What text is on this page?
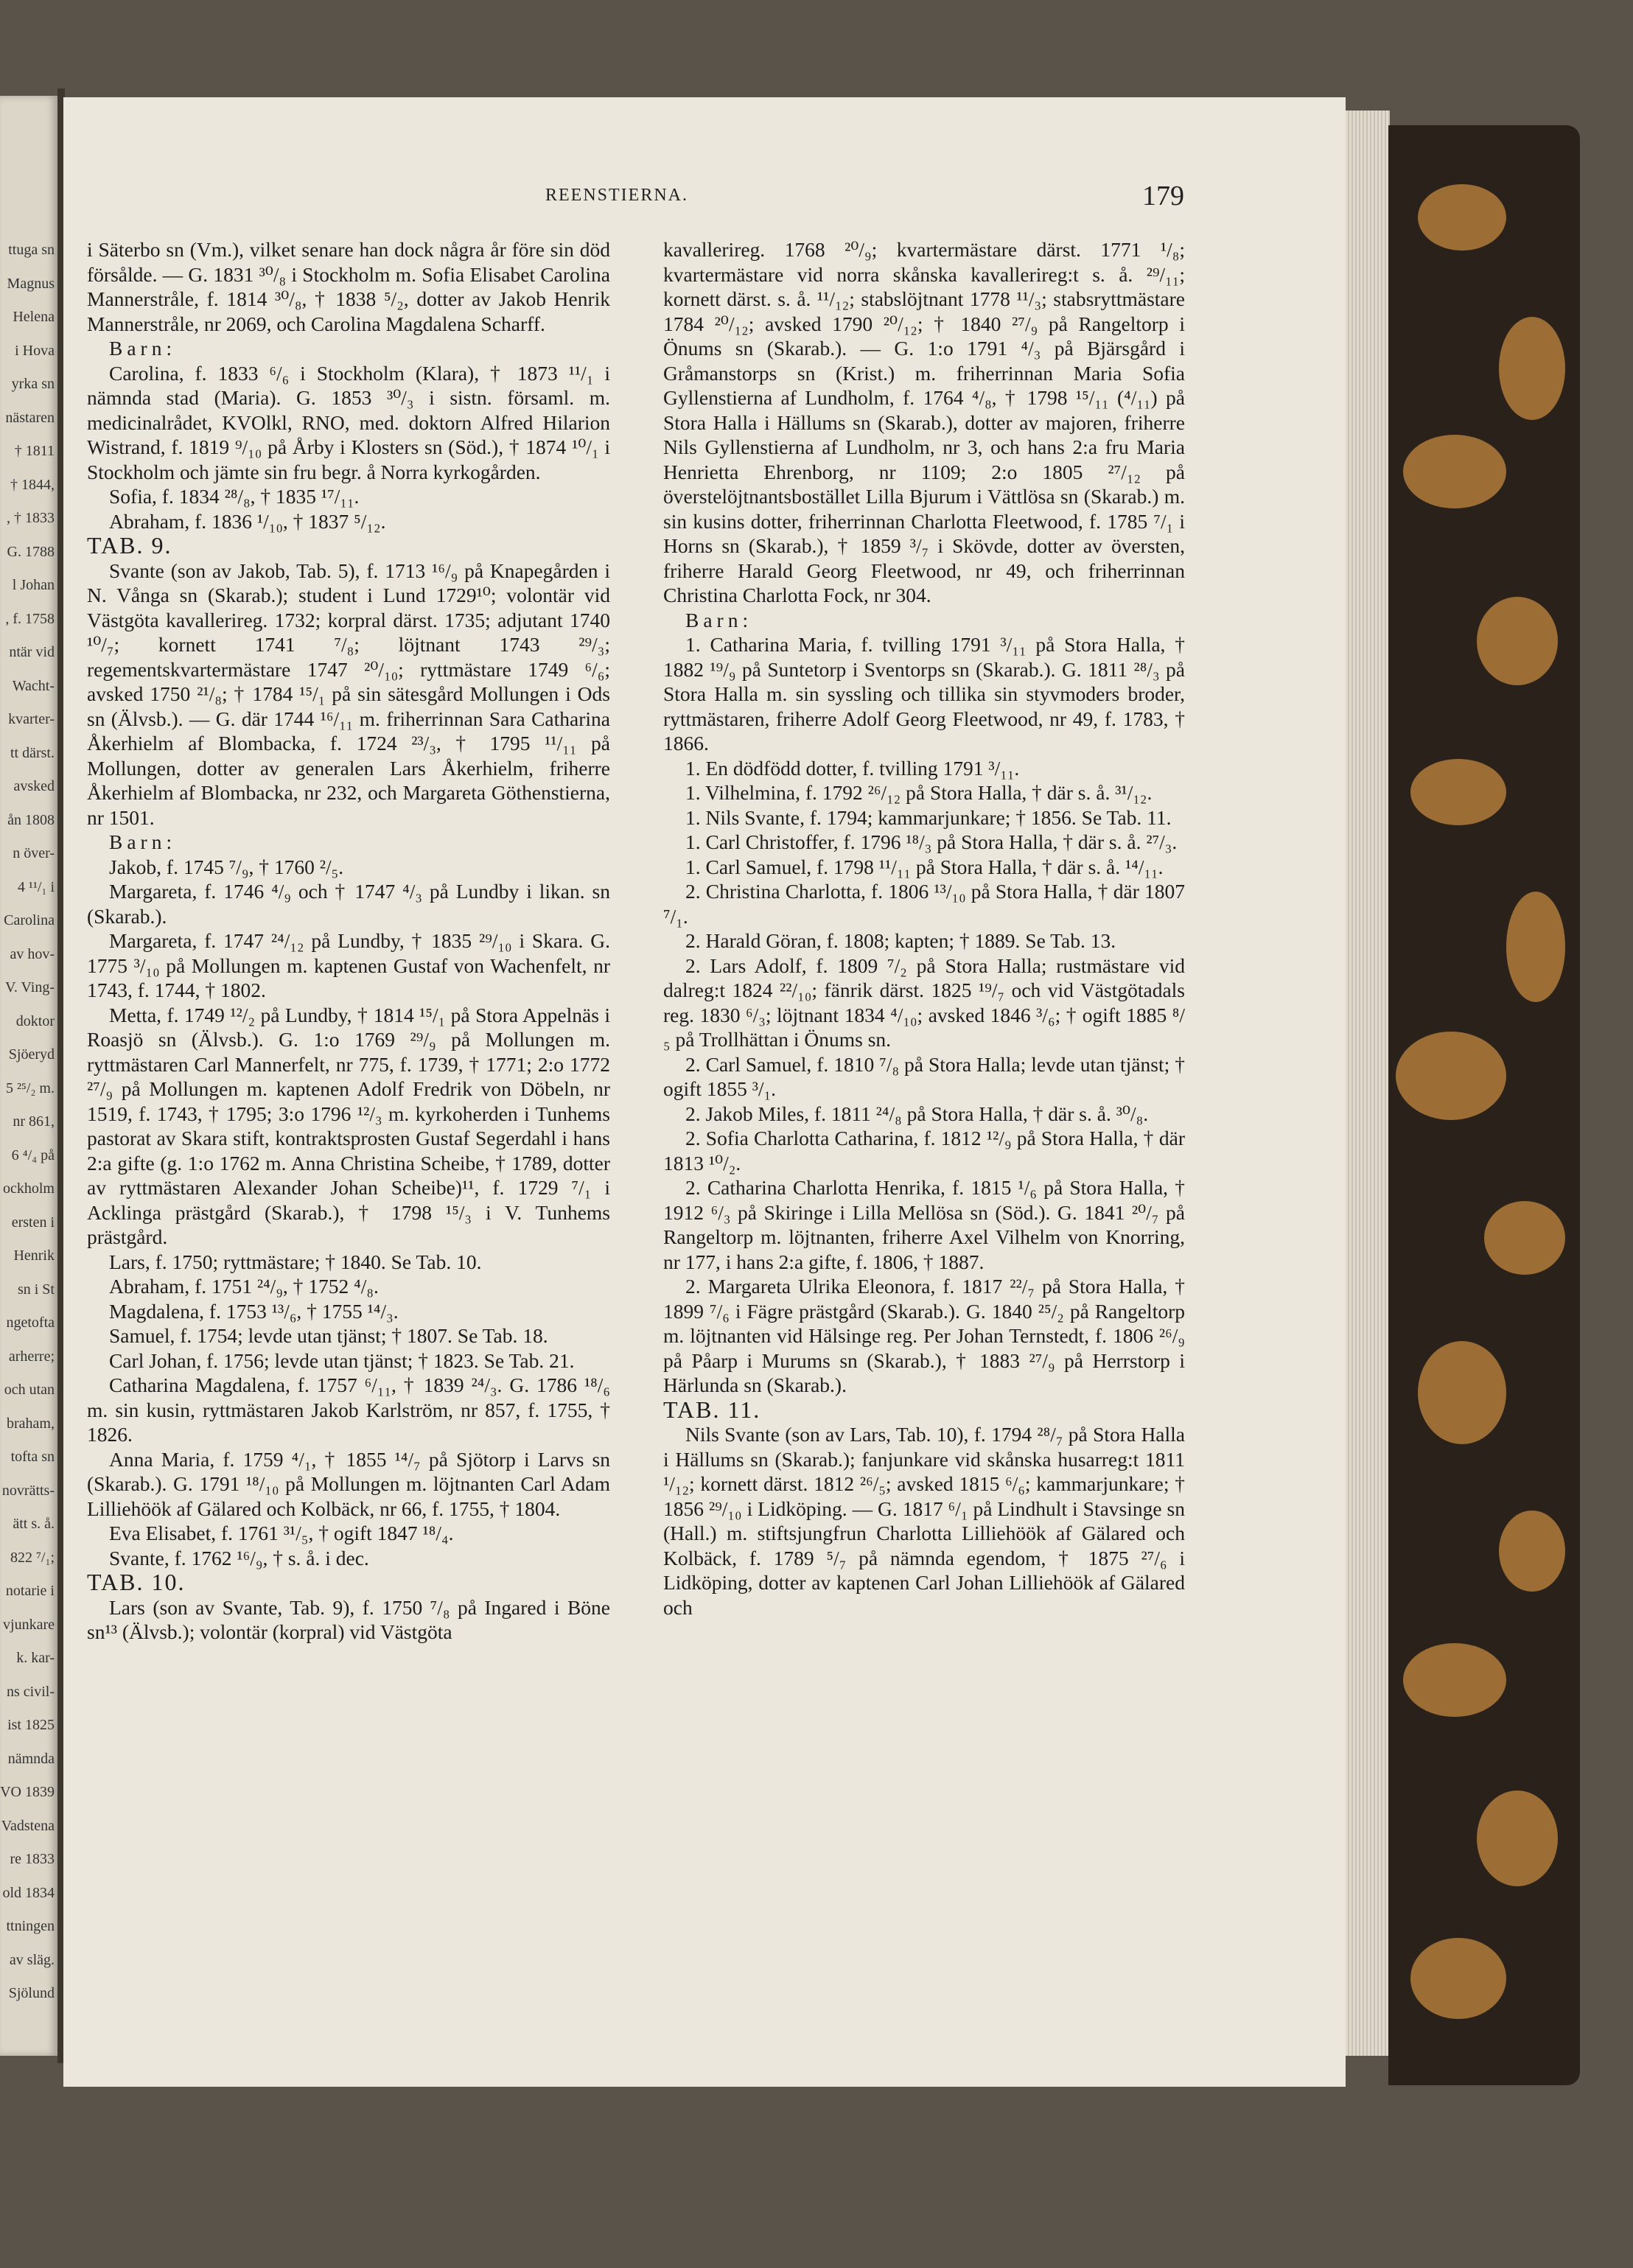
ttuga sn
Magnus
Helena
i Hova
yrka sn
nästaren
† 1811
† 1844,
, † 1833
G. 1788
l Johan
, f. 1758
ntär vid
Wacht-
kvarter-
tt därst.
avsked
ån 1808
n över-
4 ¹¹/₁ i
Carolina
av hov-
V. Ving-
doktor
Sjöeryd
5 ²⁵/₂ m.
nr 861,
6 ⁴/₄ på
ockholm
ersten i
Henrik
sn i St
ngetofta
arherre;
och utan
braham,
tofta sn
novrätts-
ätt s. å.
822 ⁷/₁;
notarie i
vjunkare
k. kar-
ns civil-
ist 1825
nämnda
VO 1839
Vadstena
re 1833
old 1834
ttningen
av släg.
Sjölund
REENSTIERNA.	179

i Säterbo sn (Vm.), vilket senare han dock några år före sin död försålde. — G. 1831 ³⁰/₈ i Stockholm m. Sofia Elisabet Carolina Mannerstråle, f. 1814 ³⁰/₈, † 1838 ⁵/₂, dotter av Jakob Henrik Mannerstråle, nr 2069, och Carolina Magdalena Scharff.

Barn:

Carolina, f. 1833 ⁶/₆ i Stockholm (Klara), † 1873 ¹¹/₁ i nämnda stad (Maria). G. 1853 ³⁰/₃ i sistn. församl. m. medicinalrådet, KVOlkl, RNO, med. doktorn Alfred Hilarion Wistrand, f. 1819 ⁹/₁₀ på Årby i Klosters sn (Söd.), † 1874 ¹⁰/₁ i Stockholm och jämte sin fru begr. å Norra kyrkogården.

Sofia, f. 1834 ²⁸/₈, † 1835 ¹⁷/₁₁.

Abraham, f. 1836 ¹/₁₀, † 1837 ⁵/₁₂.

TAB. 9.

Svante (son av Jakob, Tab. 5), f. 1713 ¹⁶/₉ på Knapegården i N. Vånga sn (Skarab.); student i Lund 1729¹⁰; volontär vid Västgöta kavallerireg. 1732; korpral därst. 1735; adjutant 1740 ¹⁰/₇; kornett 1741 ⁷/₈; löjtnant 1743 ²⁹/₃; regementskvartermästare 1747 ²⁰/₁₀; ryttmästare 1749 ⁶/₆; avsked 1750 ²¹/₈; † 1784 ¹⁵/₁ på sin sätesgård Mollungen i Ods sn (Älvsb.). — G. där 1744 ¹⁶/₁₁ m. friherrinnan Sara Catharina Åkerhielm af Blombacka, f. 1724 ²³/₃, † 1795 ¹¹/₁₁ på Mollungen, dotter av generalen Lars Åkerhielm, friherre Åkerhielm af Blombacka, nr 232, och Margareta Göthenstierna, nr 1501.

Barn:

Jakob, f. 1745 ⁷/₉, † 1760 ²/₅.

Margareta, f. 1746 ⁴/₉ och † 1747 ⁴/₃ på Lundby i likan. sn (Skarab.).

Margareta, f. 1747 ²⁴/₁₂ på Lundby, † 1835 ²⁹/₁₀ i Skara. G. 1775 ³/₁₀ på Mollungen m. kaptenen Gustaf von Wachenfelt, nr 1743, f. 1744, † 1802.

Metta, f. 1749 ¹²/₂ på Lundby, † 1814 ¹⁵/₁ på Stora Appelnäs i Roasjö sn (Älvsb.). G. 1:o 1769 ²⁹/₉ på Mollungen m. ryttmästaren Carl Mannerfelt, nr 775, f. 1739, † 1771; 2:o 1772 ²⁷/₉ på Mollungen m. kaptenen Adolf Fredrik von Döbeln, nr 1519, f. 1743, † 1795; 3:o 1796 ¹²/₃ m. kyrkoherden i Tunhems pastorat av Skara stift, kontraktsprosten Gustaf Segerdahl i hans 2:a gifte (g. 1:o 1762 m. Anna Christina Scheibe, † 1789, dotter av ryttmästaren Alexander Johan Scheibe)¹¹, f. 1729 ⁷/₁ i Acklinga prästgård (Skarab.), † 1798 ¹⁵/₃ i V. Tunhems prästgård.

Lars, f. 1750; ryttmästare; † 1840. Se Tab. 10.

Abraham, f. 1751 ²⁴/₉, † 1752 ⁴/₈.

Magdalena, f. 1753 ¹³/₆, † 1755 ¹⁴/₃.

Samuel, f. 1754; levde utan tjänst; † 1807. Se Tab. 18.

Carl Johan, f. 1756; levde utan tjänst; † 1823. Se Tab. 21.

Catharina Magdalena, f. 1757 ⁶/₁₁, † 1839 ²⁴/₃. G. 1786 ¹⁸/₆ m. sin kusin, ryttmästaren Jakob Karlström, nr 857, f. 1755, † 1826.

Anna Maria, f. 1759 ⁴/₁, † 1855 ¹⁴/₇ på Sjötorp i Larvs sn (Skarab.). G. 1791 ¹⁸/₁₀ på Mollungen m. löjtnanten Carl Adam Lilliehöök af Gälared och Kolbäck, nr 66, f. 1755, † 1804.

Eva Elisabet, f. 1761 ³¹/₅, † ogift 1847 ¹⁸/₄.

Svante, f. 1762 ¹⁶/₉, † s. å. i dec.

TAB. 10.

Lars (son av Svante, Tab. 9), f. 1750 ⁷/₈ på Ingared i Böne sn¹³ (Älvsb.); volontär (korpral) vid Västgöta

kavallerireg. 1768 ²⁰/₉; kvartermästare därst. 1771 ¹/₈; kvartermästare vid norra skånska kavallerireg:t s. å. ²⁹/₁₁; kornett därst. s. å. ¹¹/₁₂; stabslöjtnant 1778 ¹¹/₃; stabsryttmästare 1784 ²⁰/₁₂; avsked 1790 ²⁰/₁₂; † 1840 ²⁷/₉ på Rangeltorp i Önums sn (Skarab.). — G. 1:o 1791 ⁴/₃ på Bjärsgård i Gråmanstorps sn (Krist.) m. friherrinnan Maria Sofia Gyllenstierna af Lundholm, f. 1764 ⁴/₈, † 1798 ¹⁵/₁₁ (⁴/₁₁) på Stora Halla i Hällums sn (Skarab.), dotter av majoren, friherre Nils Gyllenstierna af Lundholm, nr 3, och hans 2:a fru Maria Henrietta Ehrenborg, nr 1109; 2:o 1805 ²⁷/₁₂ på överstelöjtnantsbostället Lilla Bjurum i Vättlösa sn (Skarab.) m. sin kusins dotter, friherrinnan Charlotta Fleetwood, f. 1785 ⁷/₁ i Horns sn (Skarab.), † 1859 ³/₇ i Skövde, dotter av översten, friherre Harald Georg Fleetwood, nr 49, och friherrinnan Christina Charlotta Fock, nr 304.

Barn:

1. Catharina Maria, f. tvilling 1791 ³/₁₁ på Stora Halla, † 1882 ¹⁹/₉ på Suntetorp i Sventorps sn (Skarab.). G. 1811 ²⁸/₃ på Stora Halla m. sin syssling och tillika sin styvmoders broder, ryttmästaren, friherre Adolf Georg Fleetwood, nr 49, f. 1783, † 1866.

1. En dödfödd dotter, f. tvilling 1791 ³/₁₁.

1. Vilhelmina, f. 1792 ²⁶/₁₂ på Stora Halla, † där s. å. ³¹/₁₂.

1. Nils Svante, f. 1794; kammarjunkare; † 1856. Se Tab. 11.

1. Carl Christoffer, f. 1796 ¹⁸/₃ på Stora Halla, † där s. å. ²⁷/₃.

1. Carl Samuel, f. 1798 ¹¹/₁₁ på Stora Halla, † där s. å. ¹⁴/₁₁.

2. Christina Charlotta, f. 1806 ¹³/₁₀ på Stora Halla, † där 1807 ⁷/₁.

2. Harald Göran, f. 1808; kapten; † 1889. Se Tab. 13.

2. Lars Adolf, f. 1809 ⁷/₂ på Stora Halla; rustmästare vid dalreg:t 1824 ²²/₁₀; fänrik därst. 1825 ¹⁹/₇ och vid Västgötadals reg. 1830 ⁶/₃; löjtnant 1834 ⁴/₁₀; avsked 1846 ³/₆; † ogift 1885 ⁸/₅ på Trollhättan i Önums sn.

2. Carl Samuel, f. 1810 ⁷/₈ på Stora Halla; levde utan tjänst; † ogift 1855 ³/₁.

2. Jakob Miles, f. 1811 ²⁴/₈ på Stora Halla, † där s. å. ³⁰/₈.

2. Sofia Charlotta Catharina, f. 1812 ¹²/₉ på Stora Halla, † där 1813 ¹⁰/₂.

2. Catharina Charlotta Henrika, f. 1815 ¹/₆ på Stora Halla, † 1912 ⁶/₃ på Skiringe i Lilla Mellösa sn (Söd.). G. 1841 ²⁰/₇ på Rangeltorp m. löjtnanten, friherre Axel Vilhelm von Knorring, nr 177, i hans 2:a gifte, f. 1806, † 1887.

2. Margareta Ulrika Eleonora, f. 1817 ²²/₇ på Stora Halla, † 1899 ⁷/₆ i Fägre prästgård (Skarab.). G. 1840 ²⁵/₂ på Rangeltorp m. löjtnanten vid Hälsinge reg. Per Johan Ternstedt, f. 1806 ²⁶/₉ på Påarp i Murums sn (Skarab.), † 1883 ²⁷/₉ på Herrstorp i Härlunda sn (Skarab.).

TAB. 11.

Nils Svante (son av Lars, Tab. 10), f. 1794 ²⁸/₇ på Stora Halla i Hällums sn (Skarab.); fanjunkare vid skånska husarreg:t 1811 ¹/₁₂; kornett därst. 1812 ²⁶/₅; avsked 1815 ⁶/₆; kammarjunkare; † 1856 ²⁹/₁₀ i Lidköping. — G. 1817 ⁶/₁ på Lindhult i Stavsinge sn (Hall.) m. stiftsjungfrun Charlotta Lilliehöök af Gälared och Kolbäck, f. 1789 ⁵/₇ på nämnda egendom, † 1875 ²⁷/₆ i Lidköping, dotter av kaptenen Carl Johan Lilliehöök af Gälared och
